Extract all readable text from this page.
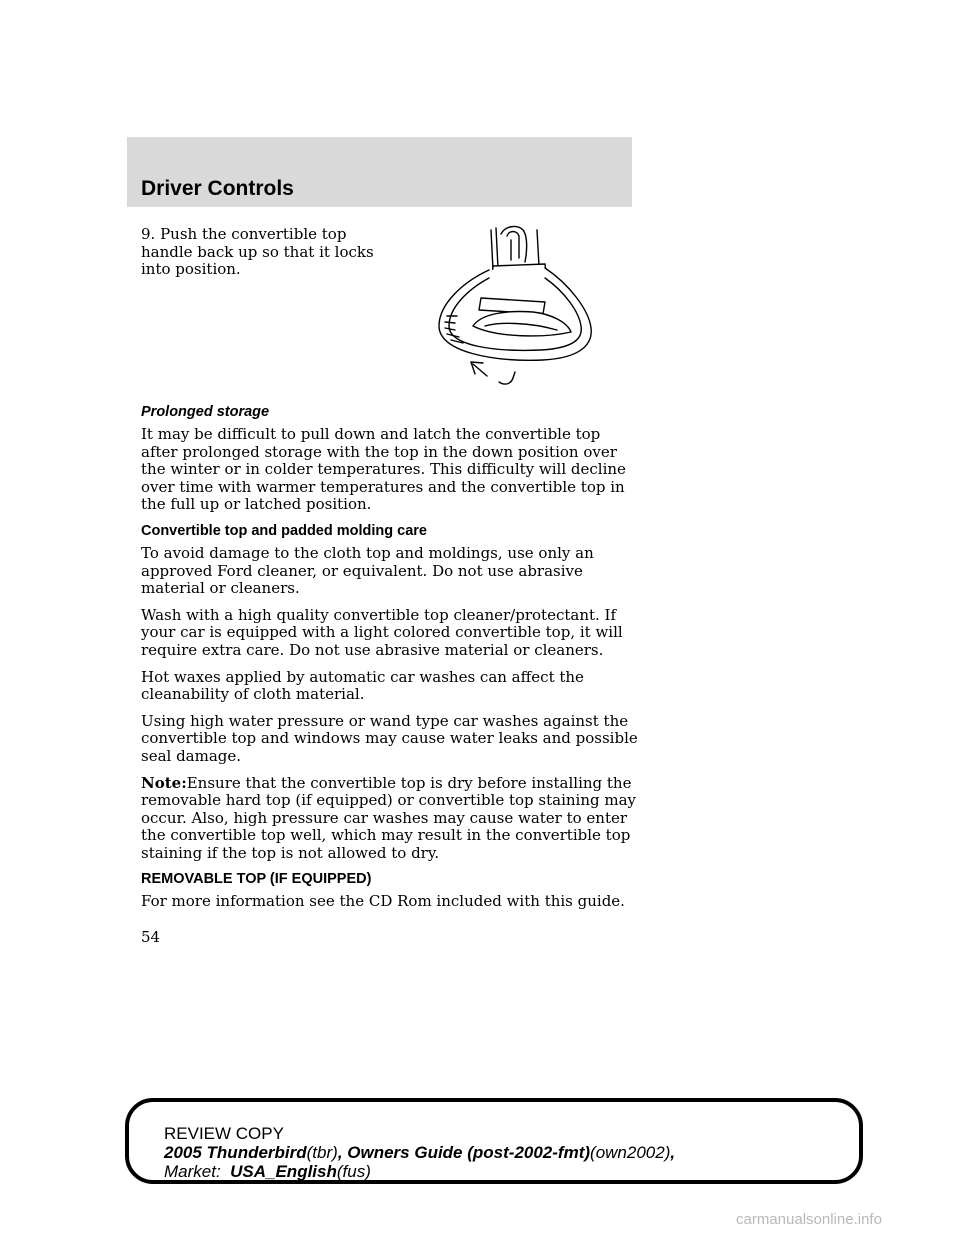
Driver Controls
9. Push the convertible top handle back up so that it locks into position.

Prolonged storage

It may be difficult to pull down and latch the convertible top after prolonged storage with the top in the down position over the winter or in colder temperatures. This difficulty will decline over time with warmer temperatures and the convertible top in the full up or latched position.

Convertible top and padded molding care

To avoid damage to the cloth top and moldings, use only an approved Ford cleaner, or equivalent. Do not use abrasive material or cleaners.

Wash with a high quality convertible top cleaner/protectant. If your car is equipped with a light colored convertible top, it will require extra care. Do not use abrasive material or cleaners.

Hot waxes applied by automatic car washes can affect the cleanability of cloth material.

Using high water pressure or wand type car washes against the convertible top and windows may cause water leaks and possible seal damage.

Note:Ensure that the convertible top is dry before installing the removable hard top (if equipped) or convertible top staining may occur. Also, high pressure car washes may cause water to enter the convertible top well, which may result in the convertible top staining if the top is not allowed to dry.

REMOVABLE TOP (IF EQUIPPED)

For more information see the CD Rom included with this guide.

54
REVIEW COPY
2005 Thunderbird(tbr), Owners Guide (post-2002-fmt)(own2002),
Market:  USA_English(fus)
carmanualsonline.info
